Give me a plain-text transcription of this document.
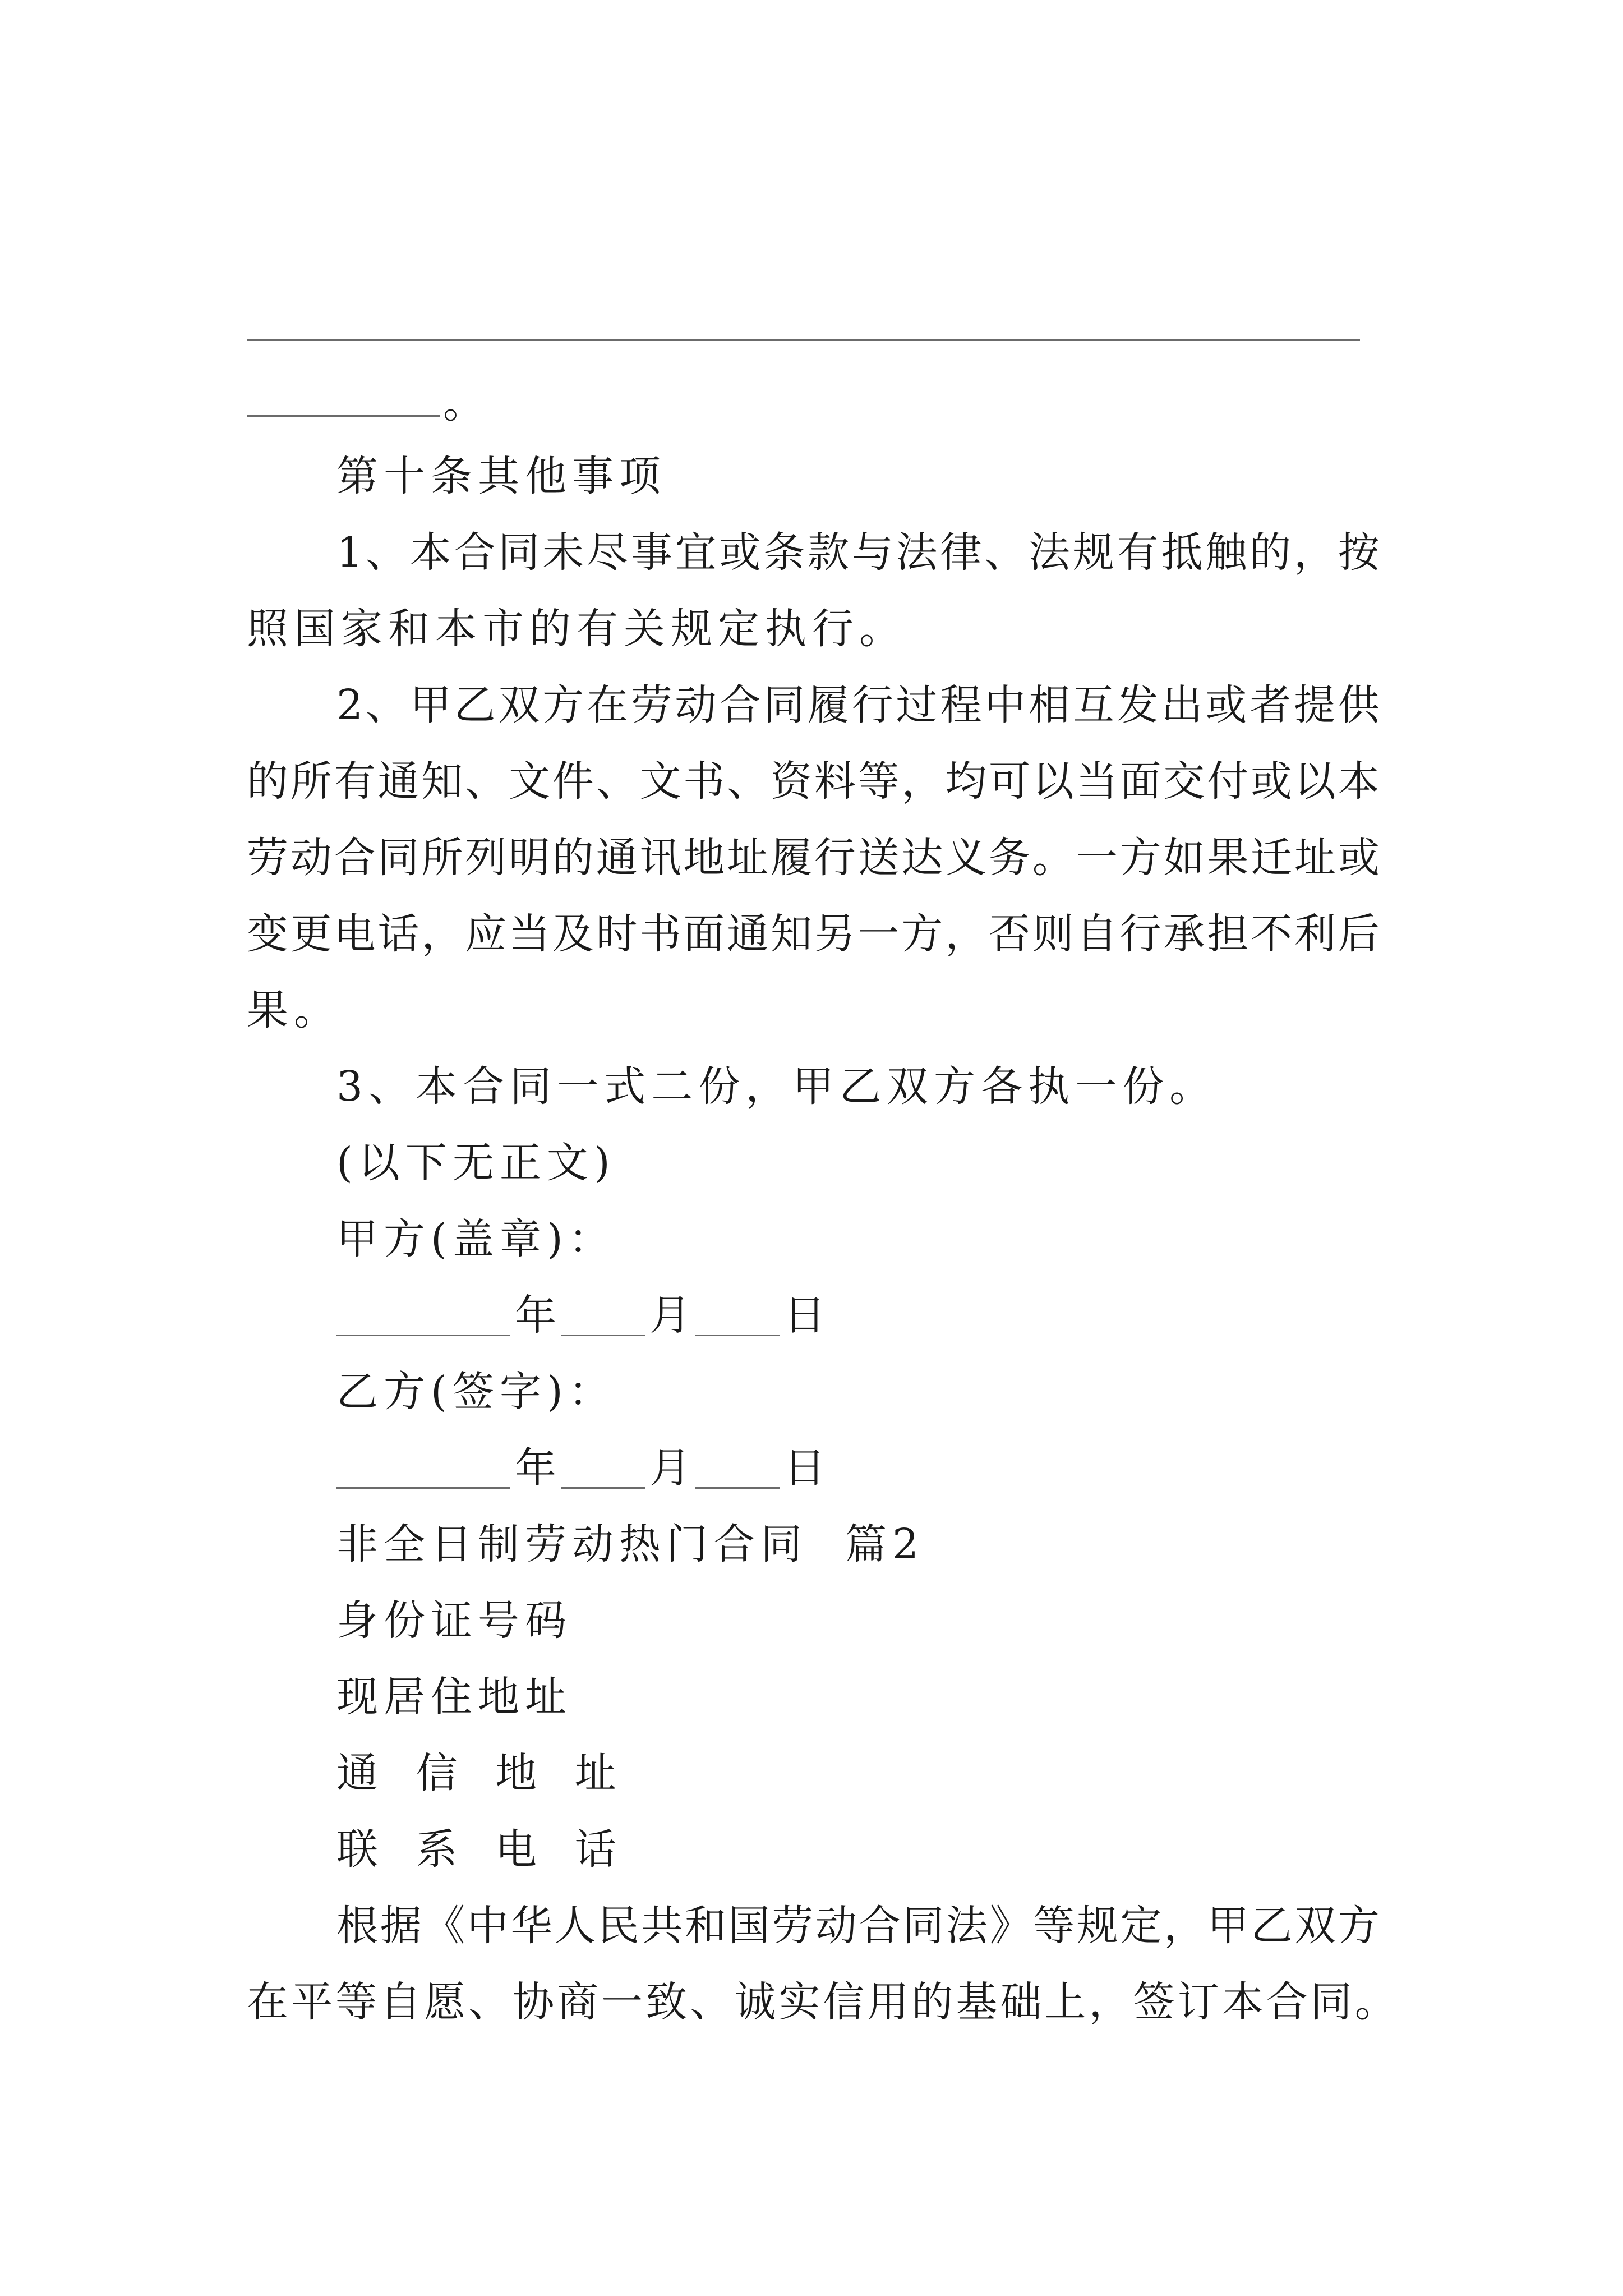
。
第十条其他事项
1 、 本 合 同 未 尽 事 宜 或 条 款 与 法 律 、 法 规 有 抵 触 的 ， 按
照国家和本市的有关规定执行。
2 、 甲 乙 双 方 在 劳 动 合 同 履 行 过 程 中 相 互 发 出 或 者 提 供
的 所 有 通 知 、 文 件 、 文 书 、 资 料 等 ， 均 可 以 当 面 交 付 或 以 本
劳 动 合 同 所 列 明 的 通 讯 地 址 履 行 送 达 义 务 。 一 方 如 果 迁 址 或
变 更 电 话 ， 应 当 及 时 书 面 通 知 另 一 方 ， 否 则 自 行 承 担 不 利 后
果。
3、本合同一式二份，甲乙双方各执一份。
(以下无正文)
甲方(盖章)：
年 月 日
乙方(签字)：
年 月 日
非全日制劳动热门合同  篇2
身份证号码
现居住地址
通 信 地 址
联 系 电 话
根 据 《 中 华 人 民 共 和 国 劳 动 合 同 法 》 等 规 定 ， 甲 乙 双 方
在 平 等 自 愿 、 协 商 一 致 、 诚 实 信 用 的 基 础 上 ， 签 订 本 合 同 。
